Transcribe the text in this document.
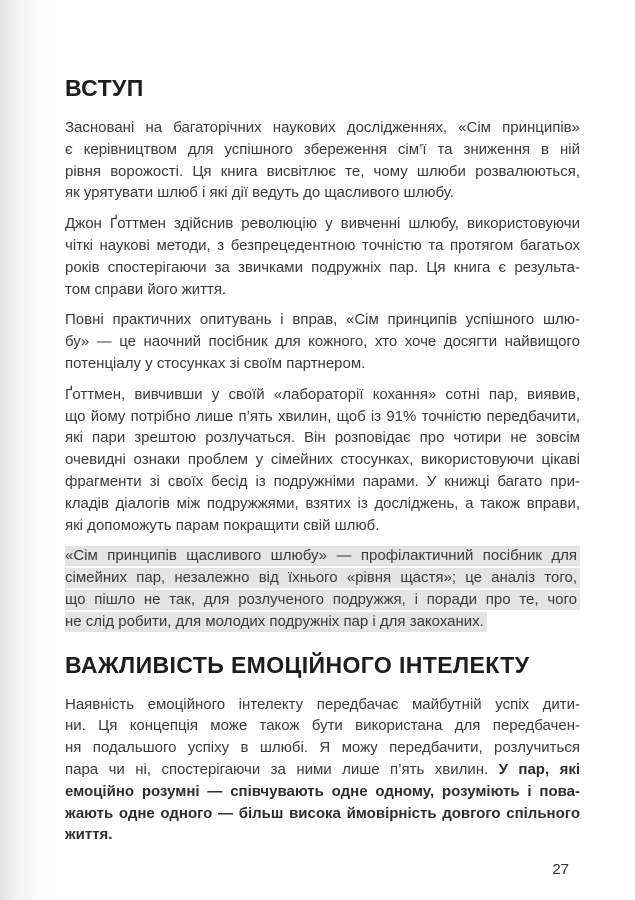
ВСТУП
Засновані на багаторічних наукових дослідженнях, «Сім принципів»
є керівництвом для успішного збереження сім’ї та зниження в ній
рівня ворожості. Ця книга висвітлює те, чому шлюби розвалюються,
як урятувати шлюб і які дії ведуть до щасливого шлюбу.
Джон Ґоттмен здійснив революцію у вивченні шлюбу, використовуючи
чіткі наукові методи, з безпрецедентною точністю та протягом багатьох
років спостерігаючи за звичками подружніх пар. Ця книга є результа-
том справи його життя.
Повні практичних опитувань і вправ, «Сім принципів успішного шлю-
бу» — це наочний посібник для кожного, хто хоче досягти найвищого
потенціалу у стосунках зі своїм партнером.
Ґоттмен, вивчивши у своїй «лабораторії кохання» сотні пар, виявив,
що йому потрібно лише п’ять хвилин, щоб із 91% точністю передбачити,
які пари зрештою розлучаться. Він розповідає про чотири не зовсім
очевидні ознаки проблем у сімейних стосунках, використовуючи цікаві
фрагменти зі своїх бесід із подружніми парами. У книжці багато при-
кладів діалогів між подружжями, взятих із досліджень, а також вправи,
які допоможуть парам покращити свій шлюб.
«Сім принципів щасливого шлюбу» — профілактичний посібник для
сімейних пар, незалежно від їхнього «рівня щастя»; це аналіз того,
що пішло не так, для розлученого подружжя, і поради про те, чого
не слід робити, для молодих подружніх пар і для закоханих.
ВАЖЛИВІСТЬ ЕМОЦІЙНОГО ІНТЕЛЕКТУ
Наявність емоційного інтелекту передбачає майбутній успіх дити-
ни. Ця концепція може також бути використана для передбачен-
ня подальшого успіху в шлюбі. Я можу передбачити, розлучиться
пара чи ні, спостерігаючи за ними лише п’ять хвилин. У пар, які
емоційно розумні — співчувають одне одному, розуміють і пова-
жають одне одного — більш висока ймовірність довгого спільного
життя.
27
